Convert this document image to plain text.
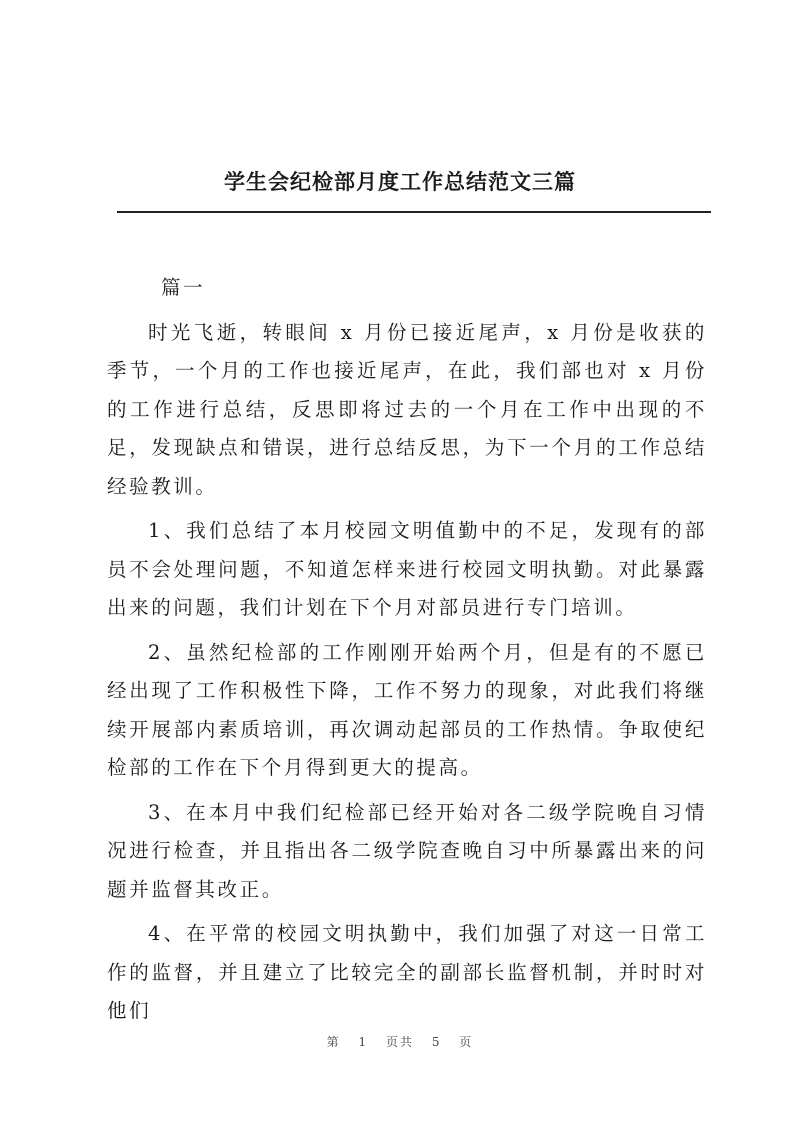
学生会纪检部月度工作总结范文三篇

篇一

时光飞逝，转眼间 x 月份已接近尾声，x 月份是收获的季节，一个月的工作也接近尾声，在此，我们部也对 x 月份的工作进行总结，反思即将过去的一个月在工作中出现的不足，发现缺点和错误，进行总结反思，为下一个月的工作总结经验教训。

1、我们总结了本月校园文明值勤中的不足，发现有的部员不会处理问题，不知道怎样来进行校园文明执勤。对此暴露出来的问题，我们计划在下个月对部员进行专门培训。

2、虽然纪检部的工作刚刚开始两个月，但是有的不愿已经出现了工作积极性下降，工作不努力的现象，对此我们将继续开展部内素质培训，再次调动起部员的工作热情。争取使纪检部的工作在下个月得到更大的提高。

3、在本月中我们纪检部已经开始对各二级学院晚自习情况进行检查，并且指出各二级学院查晚自习中所暴露出来的问题并监督其改正。

4、在平常的校园文明执勤中，我们加强了对这一日常工作的监督，并且建立了比较完全的副部长监督机制，并时时对他们

第 1 页共 5 页
